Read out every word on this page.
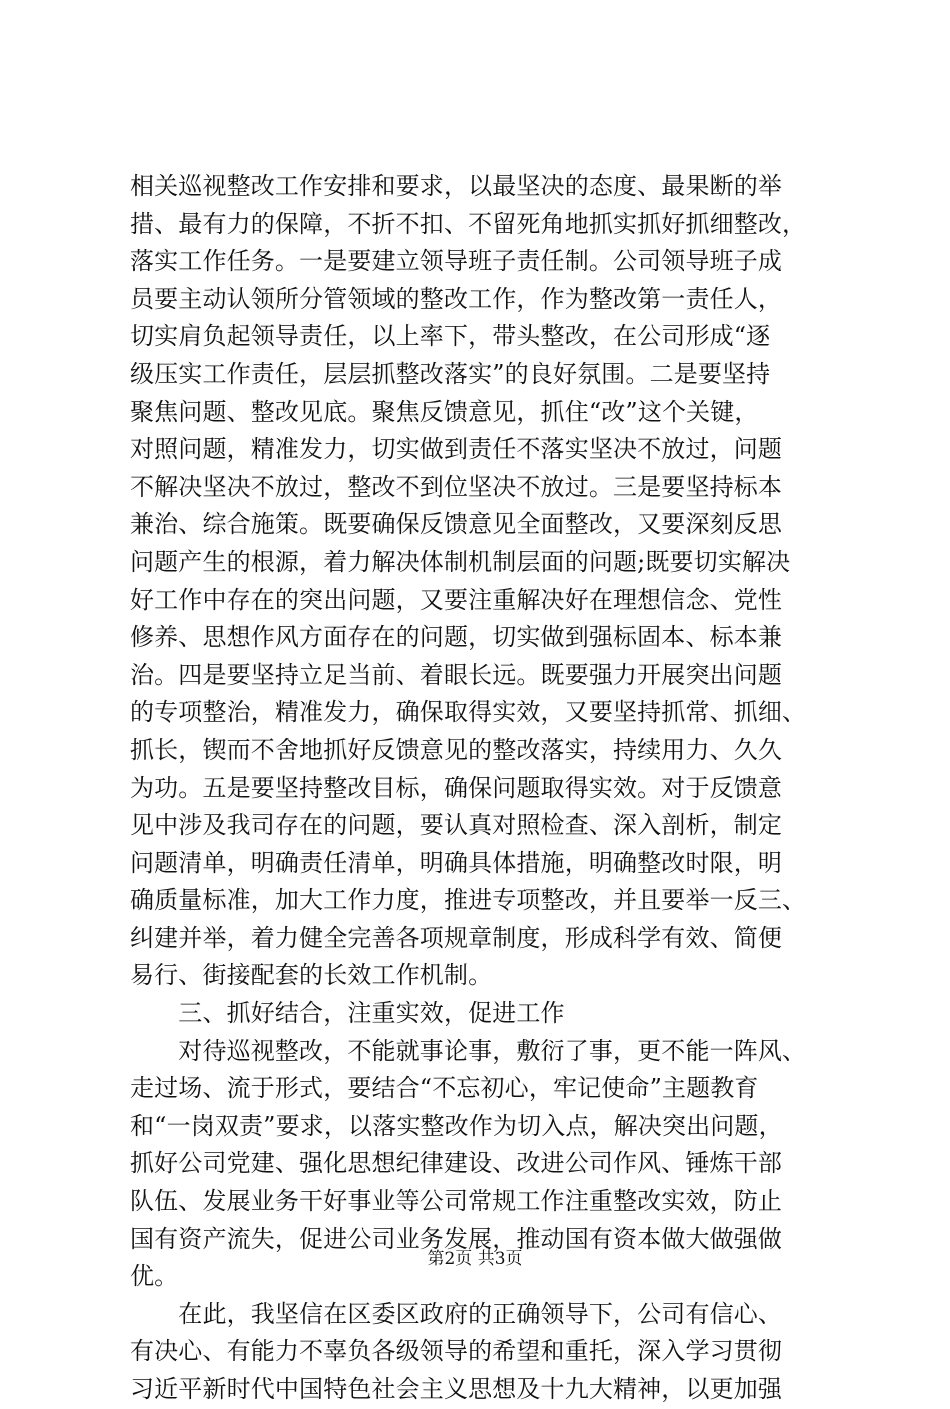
相关巡视整改工作安排和要求，以最坚决的态度、最果断的举
措、最有力的保障，不折不扣、不留死角地抓实抓好抓细整改，
落实工作任务。一是要建立领导班子责任制。公司领导班子成
员要主动认领所分管领域的整改工作，作为整改第一责任人，
切实肩负起领导责任，以上率下，带头整改，在公司形成“逐
级压实工作责任，层层抓整改落实”的良好氛围。二是要坚持
聚焦问题、整改见底。聚焦反馈意见，抓住“改”这个关键，
对照问题，精准发力，切实做到责任不落实坚决不放过，问题
不解决坚决不放过，整改不到位坚决不放过。三是要坚持标本
兼治、综合施策。既要确保反馈意见全面整改，又要深刻反思
问题产生的根源，着力解决体制机制层面的问题;既要切实解决
好工作中存在的突出问题，又要注重解决好在理想信念、党性
修养、思想作风方面存在的问题，切实做到强标固本、标本兼
治。四是要坚持立足当前、着眼长远。既要强力开展突出问题
的专项整治，精准发力，确保取得实效，又要坚持抓常、抓细、
抓长，锲而不舍地抓好反馈意见的整改落实，持续用力、久久
为功。五是要坚持整改目标，确保问题取得实效。对于反馈意
见中涉及我司存在的问题，要认真对照检查、深入剖析，制定
问题清单，明确责任清单，明确具体措施，明确整改时限，明
确质量标准，加大工作力度，推进专项整改，并且要举一反三、
纠建并举，着力健全完善各项规章制度，形成科学有效、简便
易行、街接配套的长效工作机制。
　　三、抓好结合，注重实效，促进工作
　　对待巡视整改，不能就事论事，敷衍了事，更不能一阵风、
走过场、流于形式，要结合“不忘初心，牢记使命”主题教育
和“一岗双责”要求，以落实整改作为切入点，解决突出问题，
抓好公司党建、强化思想纪律建设、改进公司作风、锤炼干部
队伍、发展业务干好事业等公司常规工作注重整改实效，防止
国有资产流失，促进公司业务发展，推动国有资本做大做强做
优。
　　在此，我坚信在区委区政府的正确领导下，公司有信心、
有决心、有能力不辜负各级领导的希望和重托，深入学习贯彻
习近平新时代中国特色社会主义思想及十九大精神，以更加强
第2页 共3页
